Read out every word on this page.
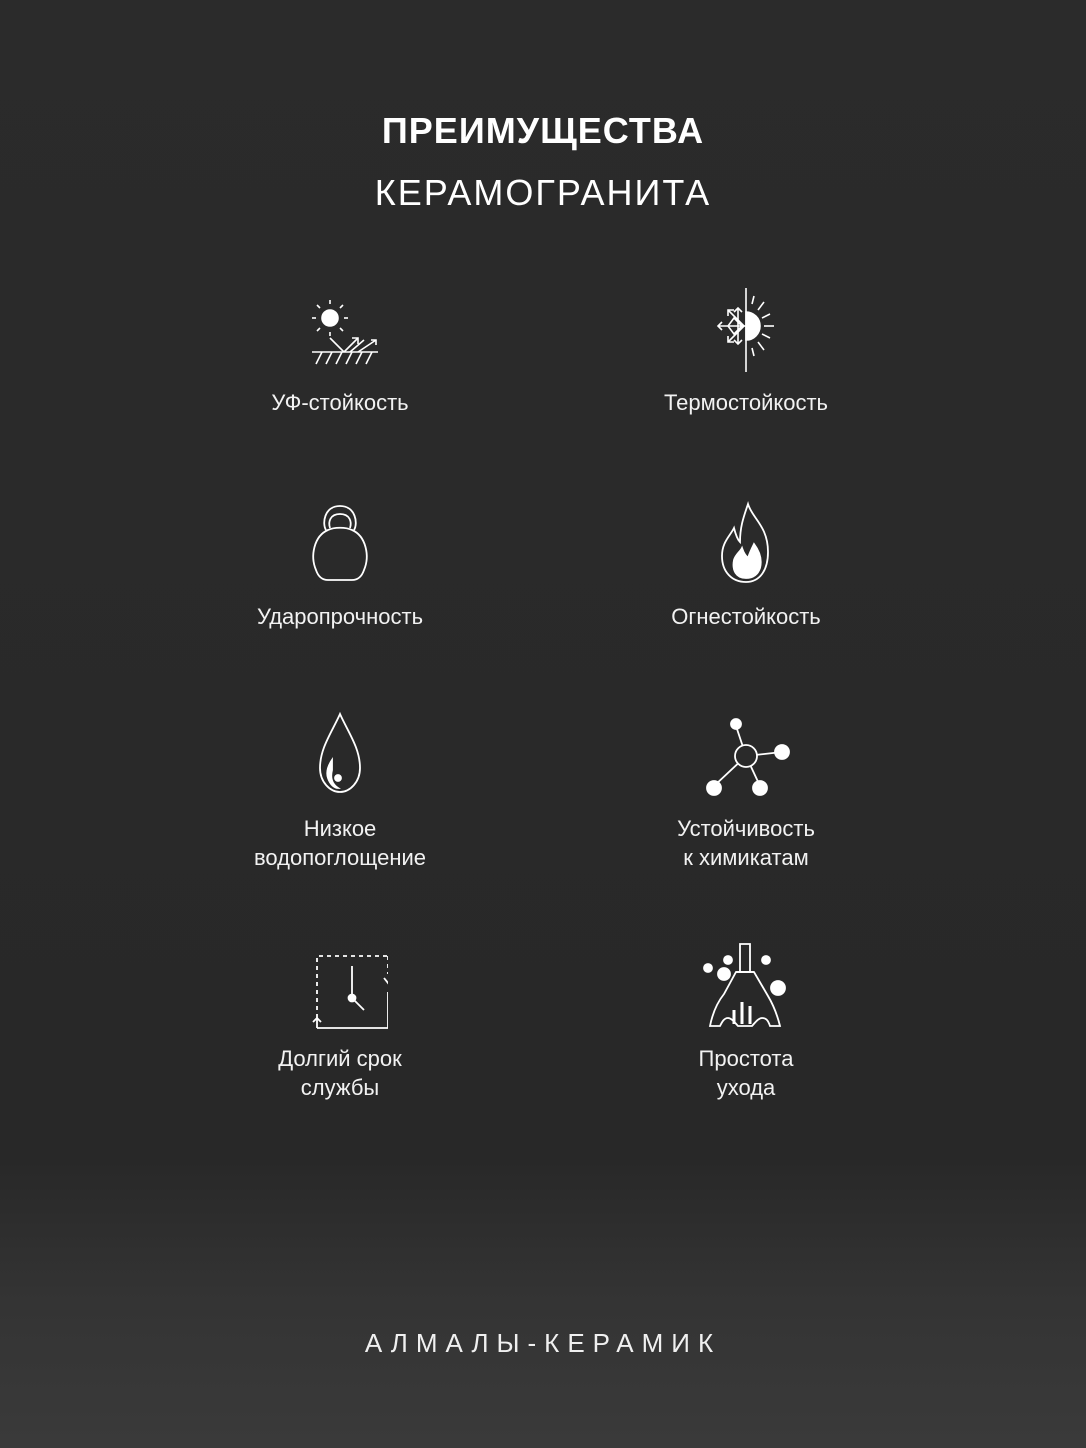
ПРЕИМУЩЕСТВА
КЕРАМОГРАНИТА
УФ-стойкость	Термостойкость
Ударопрочность	Огнестойкость
Низкое
водопоглощение
Устойчивость
к химикатам
Долгий срок
службы
Простота
ухода
АЛМАЛЫ-КЕРАМИК
